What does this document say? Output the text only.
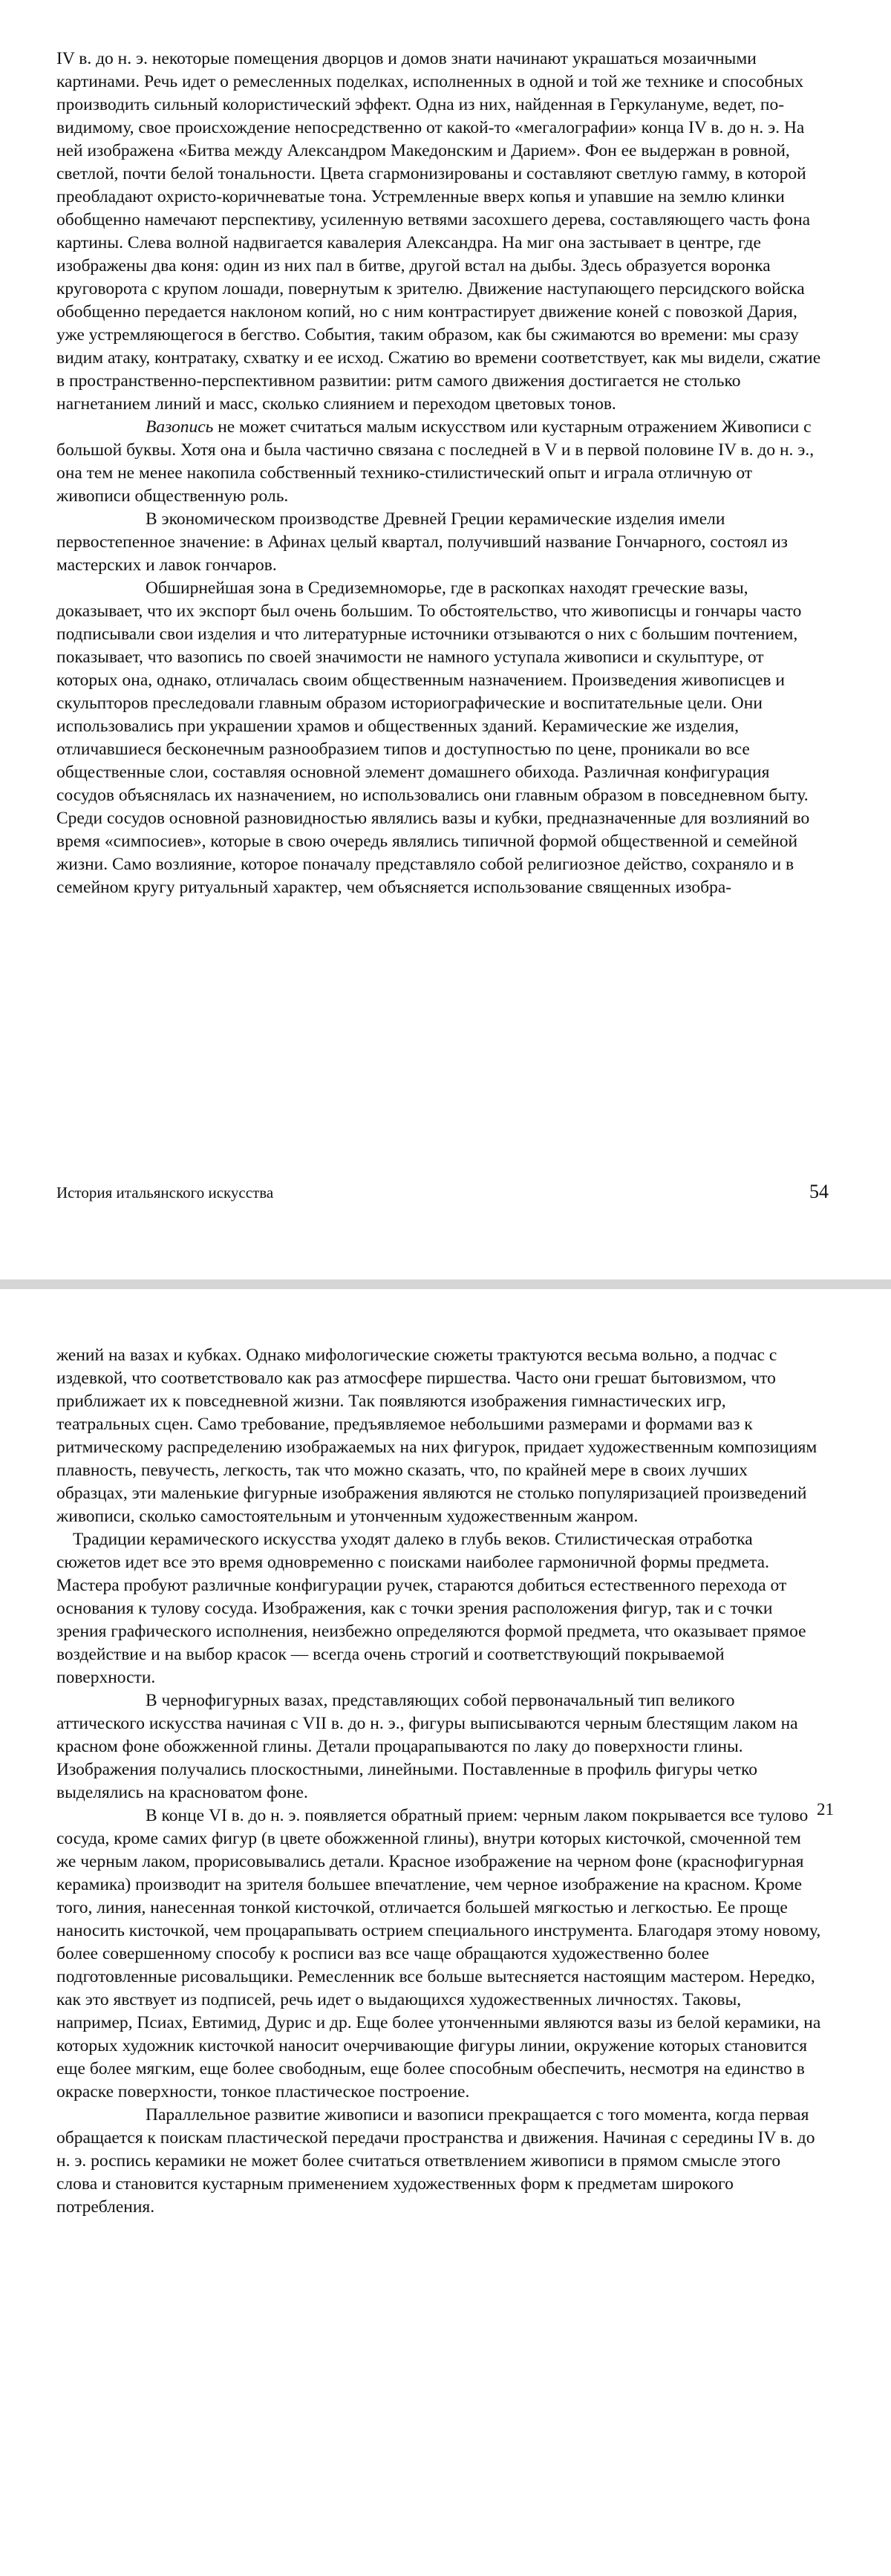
IV в. до н. э. некоторые помещения дворцов и домов знати начинают украшаться мозаичными картинами. Речь идет о ремесленных поделках, исполненных в одной и той же технике и способных производить сильный колористический эффект. Одна из них, найденная в Геркулануме, ведет, по-видимому, свое происхождение непосредственно от какой-то «мегалографии» конца IV в. до н. э. На ней изображена «Битва между Александром Македонским и Дарием». Фон ее выдержан в ровной, светлой, почти белой тональности. Цвета сгармонизированы и составляют светлую гамму, в которой преобладают охристо-коричневатые тона. Устремленные вверх копья и упавшие на землю клинки обобщенно намечают перспективу, усиленную ветвями засохшего дерева, составляющего часть фона картины. Слева волной надвигается кавалерия Александра. На миг она застывает в центре, где изображены два коня: один из них пал в битве, другой встал на дыбы. Здесь образуется воронка круговорота с крупом лошади, повернутым к зрителю. Движение наступающего персидского войска обобщенно передается наклоном копий, но с ним контрастирует движение коней с повозкой Дария, уже устремляющегося в бегство. События, таким образом, как бы сжимаются во времени: мы сразу видим атаку, контратаку, схватку и ее исход. Сжатию во времени соответствует, как мы видели, сжатие в пространственно-перспективном развитии: ритм самого движения достигается не столько нагнетанием линий и масс, сколько слиянием и переходом цветовых тонов.

Вазопись не может считаться малым искусством или кустарным отражением Живописи с большой буквы. Хотя она и была частично связана с последней в V и в первой половине IV в. до н. э., она тем не менее накопила собственный технико-стилистический опыт и играла отличную от живописи общественную роль.

В экономическом производстве Древней Греции керамические изделия имели первостепенное значение: в Афинах целый квартал, получивший название Гончарного, состоял из мастерских и лавок гончаров.

Обширнейшая зона в Средиземноморье, где в раскопках находят греческие вазы, доказывает, что их экспорт был очень большим. То обстоятельство, что живописцы и гончары часто подписывали свои изделия и что литературные источники отзываются о них с большим почтением, показывает, что вазопись по своей значимости не намного уступала живописи и скульптуре, от которых она, однако, отличалась своим общественным назначением. Произведения живописцев и скульпторов преследовали главным образом историографические и воспитательные цели. Они использовались при украшении храмов и общественных зданий. Керамические же изделия, отличавшиеся бесконечным разнообразием типов и доступностью по цене, проникали во все общественные слои, составляя основной элемент домашнего обихода. Различная конфигурация сосудов объяснялась их назначением, но использовались они главным образом в повседневном быту. Среди сосудов основной разновидностью являлись вазы и кубки, предназначенные для возлияний во время «симпосиев», которые в свою очередь являлись типичной формой общественной и семейной жизни. Само возлияние, которое поначалу представляло собой религиозное действо, сохраняло и в семейном кругу ритуальный характер, чем объясняется использование священных изобра-

История итальянского искусства	54

жений на вазах и кубках. Однако мифологические сюжеты трактуются весьма вольно, а подчас с издевкой, что соответствовало как раз атмосфере пиршества. Часто они грешат бытовизмом, что приближает их к повседневной жизни. Так появляются изображения гимнастических игр, театральных сцен. Само требование, предъявляемое небольшими размерами и формами ваз к ритмическому распределению изображаемых на них фигурок, придает художественным композициям плавность, певучесть, легкость, так что можно сказать, что, по крайней мере в своих лучших образцах, эти маленькие фигурные изображения являются не столько популяризацией произведений живописи, сколько самостоятельным и утонченным художественным жанром.

Традиции керамического искусства уходят далеко в глубь веков. Стилистическая отработка сюжетов идет все это время одновременно с поисками наиболее гармоничной формы предмета. Мастера пробуют различные конфигурации ручек, стараются добиться естественного перехода от основания к тулову сосуда. Изображения, как с точки зрения расположения фигур, так и с точки зрения графического исполнения, неизбежно определяются формой предмета, что оказывает прямое воздействие и на выбор красок — всегда очень строгий и соответствующий покрываемой поверхности.

В чернофигурных вазах, представляющих собой первоначальный тип великого аттического искусства начиная с VII в. до н. э., фигуры выписываются черным блестящим лаком на красном фоне обожженной глины. Детали процарапываются по лаку до поверхности глины. Изображения получались плоскостными, линейными. Поставленные в профиль фигуры четко выделялись на красноватом фоне.

В конце VI в. до н. э. появляется обратный прием: черным лаком покрывается все тулово сосуда, кроме самих фигур (в цвете обожженной глины), внутри которых кисточкой, смоченной тем же черным лаком, прорисовывались детали. Красное изображение на черном фоне (краснофигурная керамика) производит на зрителя большее впечатление, чем черное изображение на красном. Кроме того, линия, нанесенная тонкой кисточкой, отличается большей мягкостью и легкостью. Ее проще наносить кисточкой, чем процарапывать острием специального инструмента. Благодаря этому новому, более совершенному способу к росписи ваз все чаще обращаются художественно более подготовленные рисовальщики. Ремесленник все больше вытесняется настоящим мастером. Нередко, как это явствует из подписей, речь идет о выдающихся художественных личностях. Таковы, например, Псиах, Евтимид, Дурис и др. Еще более утонченными являются вазы из белой керамики, на которых художник кисточкой наносит очерчивающие фигуры линии, окружение которых становится еще более мягким, еще более свободным, еще более способным обеспечить, несмотря на единство в окраске поверхности, тонкое пластическое построение.

Параллельное развитие живописи и вазописи прекращается с того момента, когда первая обращается к поискам пластической передачи пространства и движения. Начиная с середины IV в. до н. э. роспись керамики не может более считаться ответвлением живописи в прямом смысле этого слова и становится кустарным применением художественных форм к предметам широкого потребления.

21
